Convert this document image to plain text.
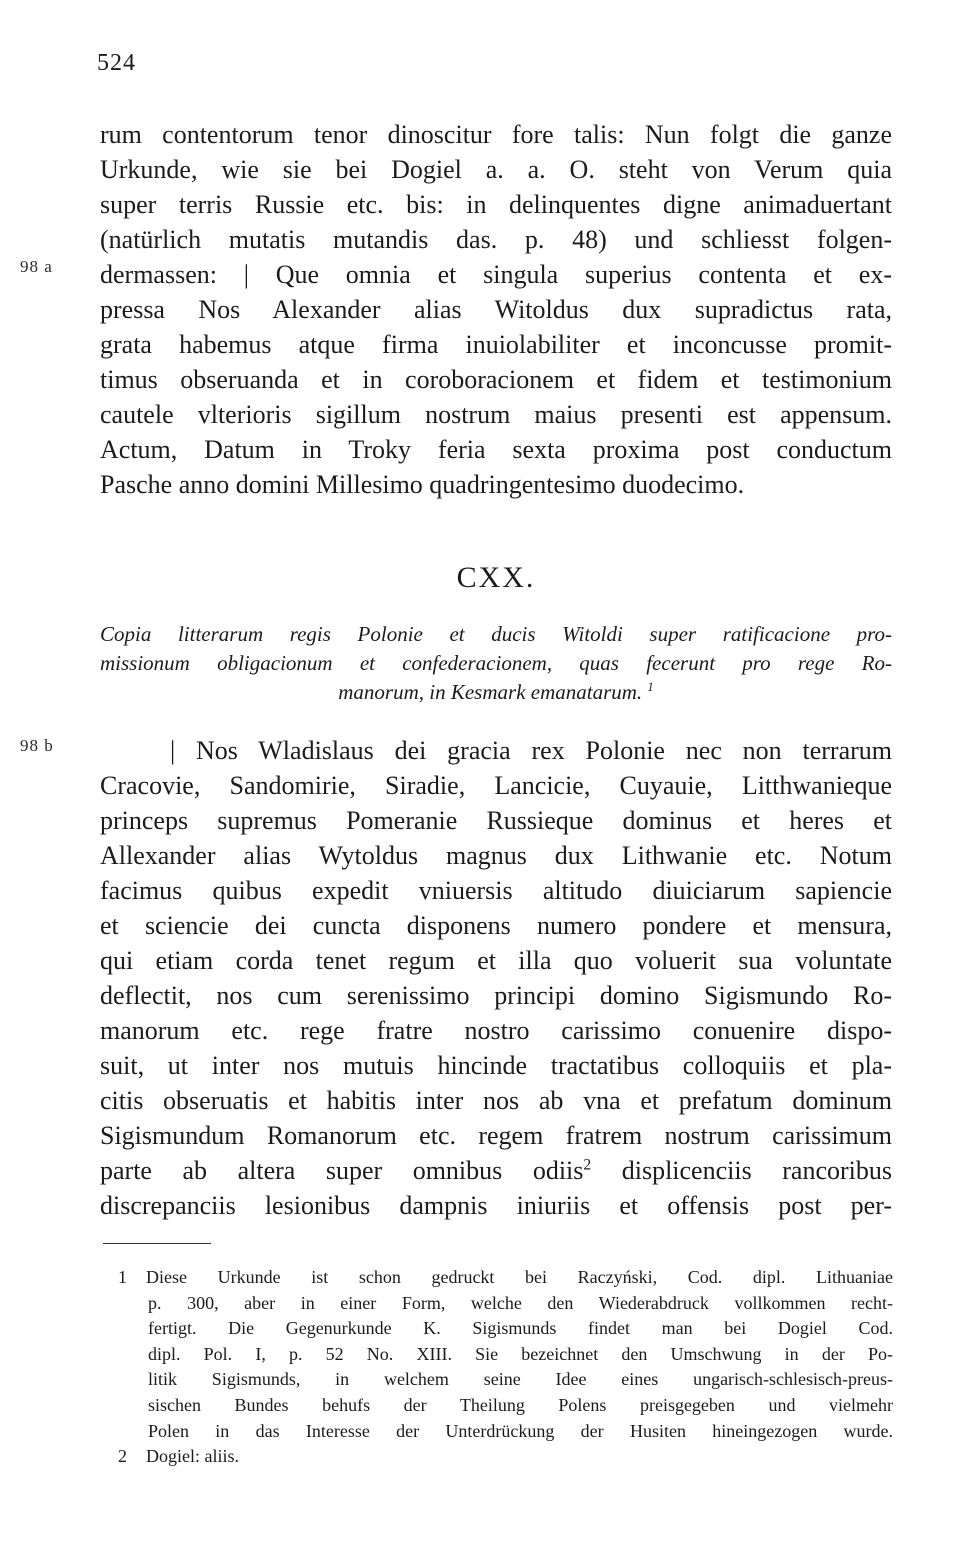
524
98 a
98 b
rum contentorum tenor dinoscitur fore talis: Nun folgt die ganze
Urkunde, wie sie bei Dogiel a. a. O. steht von Verum quia
super terris Russie etc. bis: in delinquentes digne animaduertant
(natürlich mutatis mutandis das. p. 48) und schliesst folgen-
dermassen: | Que omnia et singula superius contenta et ex-
pressa Nos Alexander alias Witoldus dux supradictus rata,
grata habemus atque firma inuiolabiliter et inconcusse promit-
timus obseruanda et in coroboracionem et fidem et testimonium
cautele vlterioris sigillum nostrum maius presenti est appensum.
Actum, Datum in Troky feria sexta proxima post conductum
Pasche anno domini Millesimo quadringentesimo duodecimo.
CXX.
Copia litterarum regis Polonie et ducis Witoldi super ratificacione pro-
missionum obligacionum et confederacionem, quas fecerunt pro rege Ro-
manorum, in Kesmark emanatarum. $^1$
| Nos Wladislaus dei gracia rex Polonie nec non terrarum
Cracovie, Sandomirie, Siradie, Lancicie, Cuyauie, Litthwanieque
princeps supremus Pomeranie Russieque dominus et heres et
Allexander alias Wytoldus magnus dux Lithwanie etc. Notum
facimus quibus expedit vniuersis altitudo diuiciarum sapiencie
et sciencie dei cuncta disponens numero pondere et mensura,
qui etiam corda tenet regum et illa quo voluerit sua voluntate
deflectit, nos cum serenissimo principi domino Sigismundo Ro-
manorum etc. rege fratre nostro carissimo conuenire dispo-
suit, ut inter nos mutuis hincinde tractatibus colloquiis et pla-
citis obseruatis et habitis inter nos ab vna et prefatum dominum
Sigismundum Romanorum etc. regem fratrem nostrum carissimum
parte ab altera super omnibus odiis$^2$ displicenciis rancoribus
discrepanciis lesionibus dampnis iniuriis et offensis post per-
1 Diese Urkunde ist schon gedruckt bei Raczyński, Cod. dipl. Lithuaniae
p. 300, aber in einer Form, welche den Wiederabdruck vollkommen recht-
fertigt. Die Gegenurkunde K. Sigismunds findet man bei Dogiel Cod.
dipl. Pol. I, p. 52 No. XIII. Sie bezeichnet den Umschwung in der Po-
litik Sigismunds, in welchem seine Idee eines ungarisch-schlesisch-preus-
sischen Bundes behufs der Theilung Polens preisgegeben und vielmehr
Polen in das Interesse der Unterdrückung der Husiten hineingezogen wurde.
2 Dogiel: aliis.
